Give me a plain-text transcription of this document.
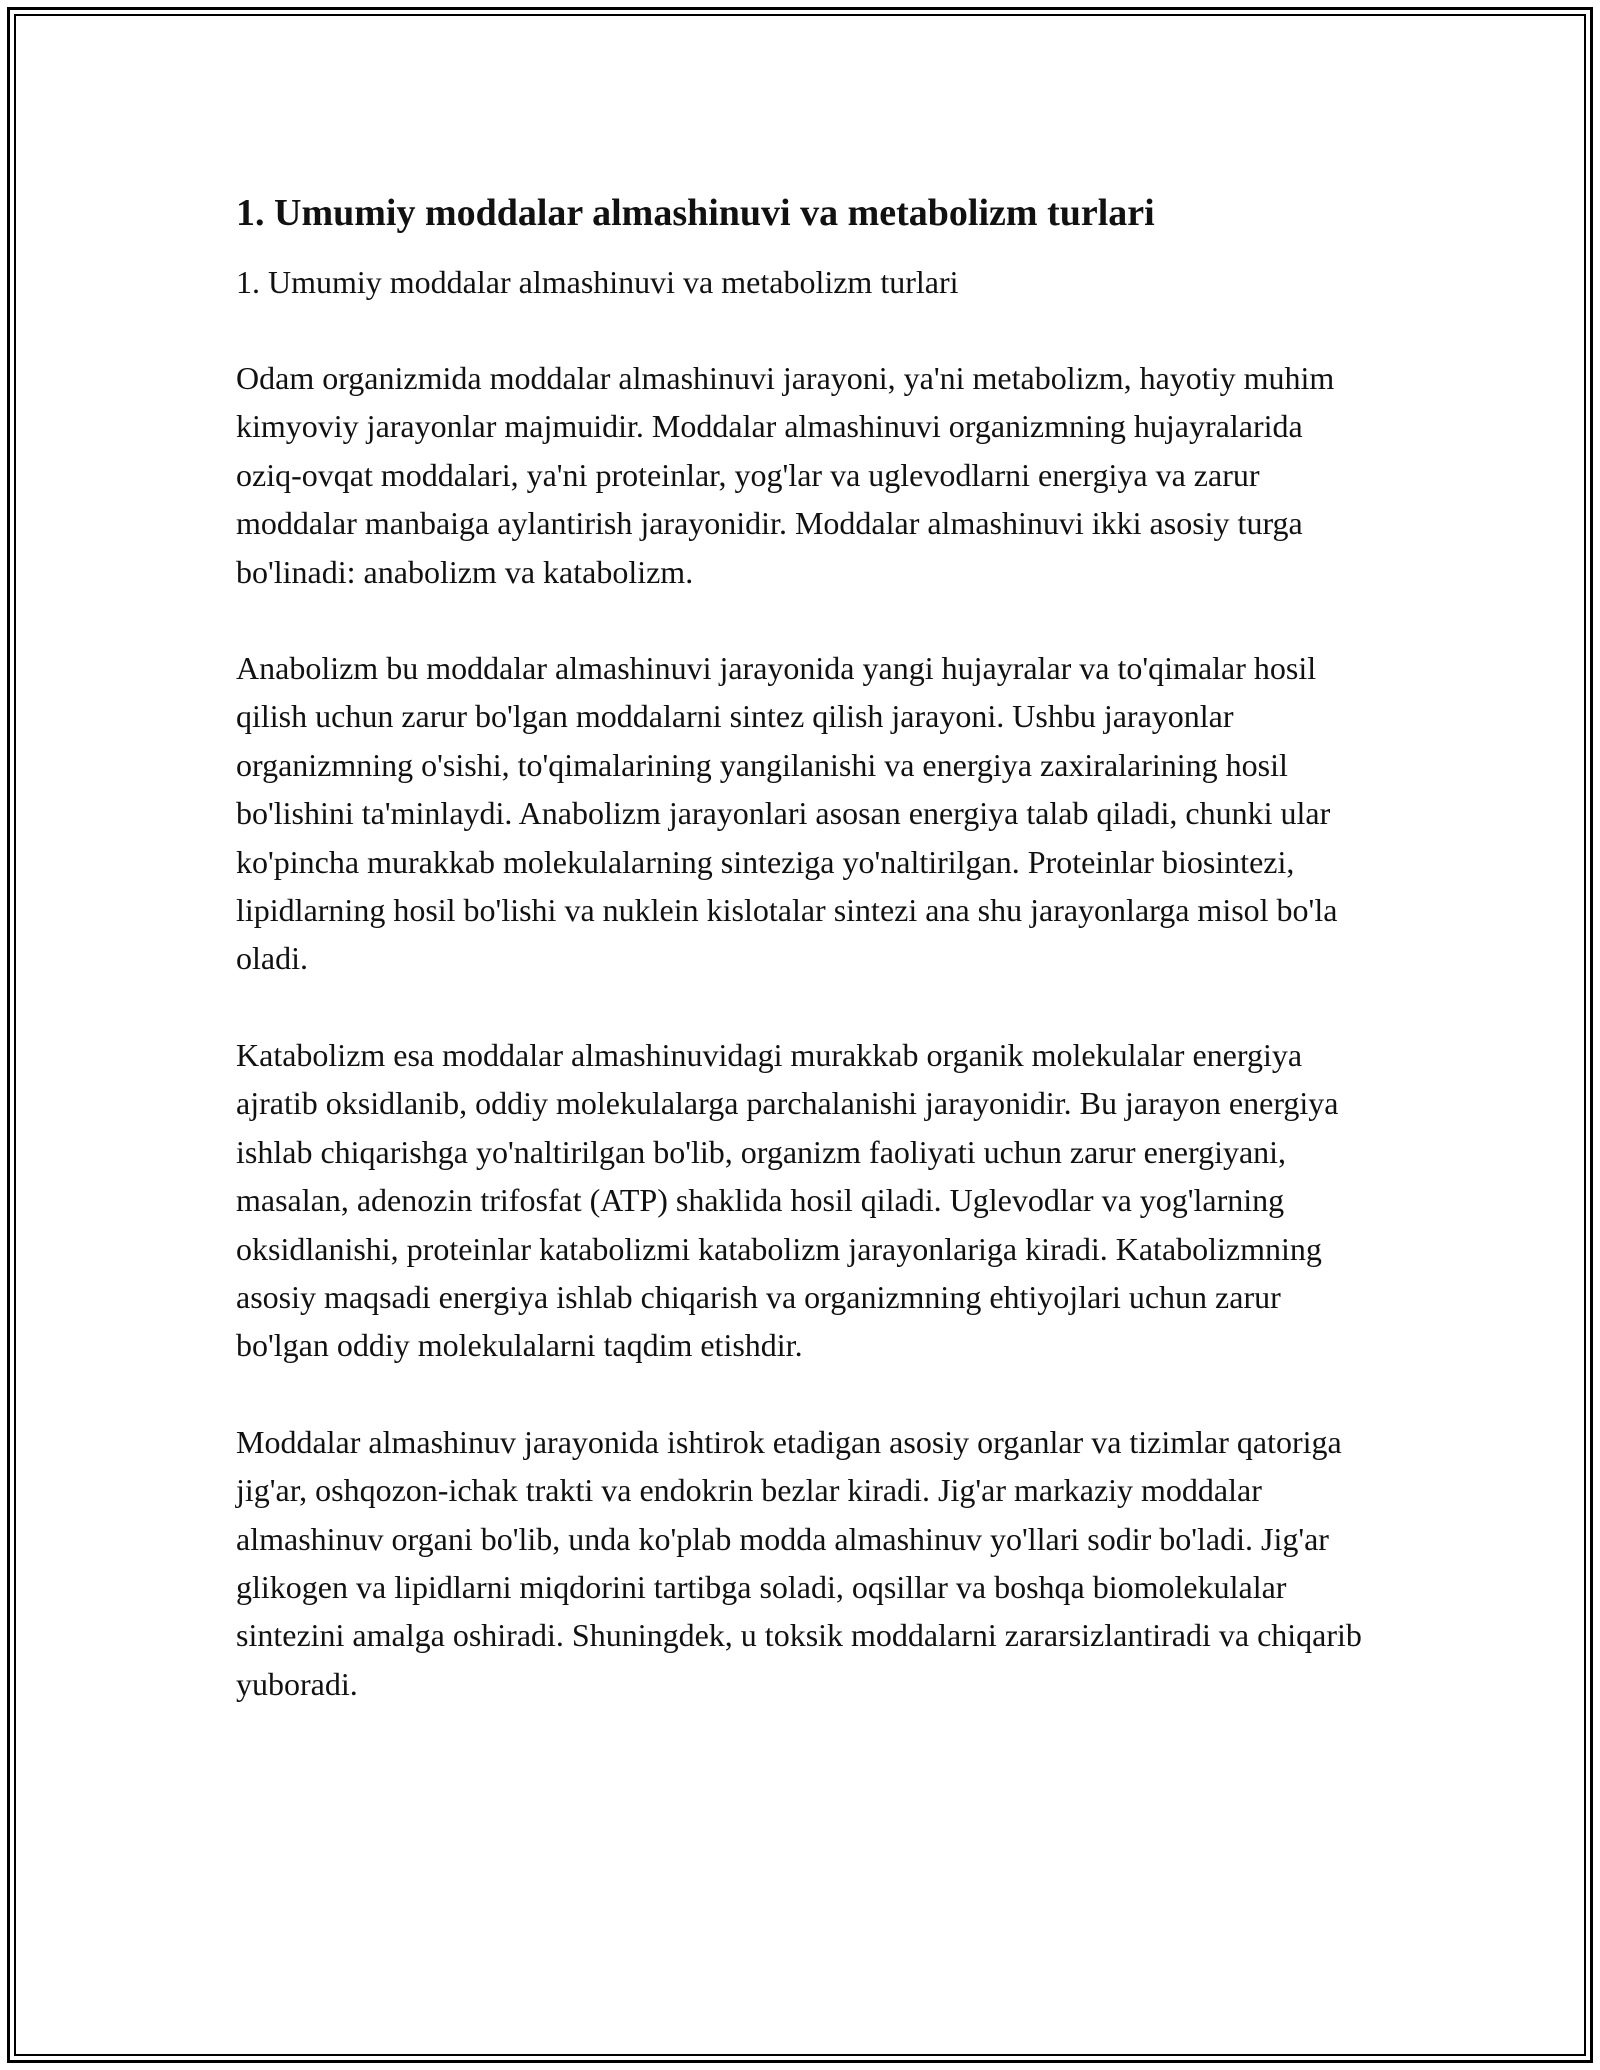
1. Umumiy moddalar almashinuvi va metabolizm turlari

1. Umumiy moddalar almashinuvi va metabolizm turlari

Odam organizmida moddalar almashinuvi jarayoni, ya'ni metabolizm, hayotiy muhim kimyoviy jarayonlar majmuidir. Moddalar almashinuvi organizmning hujayralarida oziq-ovqat moddalari, ya'ni proteinlar, yog'lar va uglevodlarni energiya va zarur moddalar manbaiga aylantirish jarayonidir. Moddalar almashinuvi ikki asosiy turga bo'linadi: anabolizm va katabolizm.

Anabolizm bu moddalar almashinuvi jarayonida yangi hujayralar va to'qimalar hosil qilish uchun zarur bo'lgan moddalarni sintez qilish jarayoni. Ushbu jarayonlar organizmning o'sishi, to'qimalarining yangilanishi va energiya zaxiralarining hosil bo'lishini ta'minlaydi. Anabolizm jarayonlari asosan energiya talab qiladi, chunki ular ko'pincha murakkab molekulalarning sinteziga yo'naltirilgan. Proteinlar biosintezi, lipidlarning hosil bo'lishi va nuklein kislotalar sintezi ana shu jarayonlarga misol bo'la oladi.

Katabolizm esa moddalar almashinuvidagi murakkab organik molekulalar energiya ajratib oksidlanib, oddiy molekulalarga parchalanishi jarayonidir. Bu jarayon energiya ishlab chiqarishga yo'naltirilgan bo'lib, organizm faoliyati uchun zarur energiyani, masalan, adenozin trifosfat (ATP) shaklida hosil qiladi. Uglevodlar va yog'larning oksidlanishi, proteinlar katabolizmi katabolizm jarayonlariga kiradi. Katabolizmning asosiy maqsadi energiya ishlab chiqarish va organizmning ehtiyojlari uchun zarur bo'lgan oddiy molekulalarni taqdim etishdir.

Moddalar almashinuv jarayonida ishtirok etadigan asosiy organlar va tizimlar qatoriga jig'ar, oshqozon-ichak trakti va endokrin bezlar kiradi. Jig'ar markaziy moddalar almashinuv organi bo'lib, unda ko'plab modda almashinuv yo'llari sodir bo'ladi. Jig'ar glikogen va lipidlarni miqdorini tartibga soladi, oqsillar va boshqa biomolekulalar sintezini amalga oshiradi. Shuningdek, u toksik moddalarni zararsizlantiradi va chiqarib yuboradi.
